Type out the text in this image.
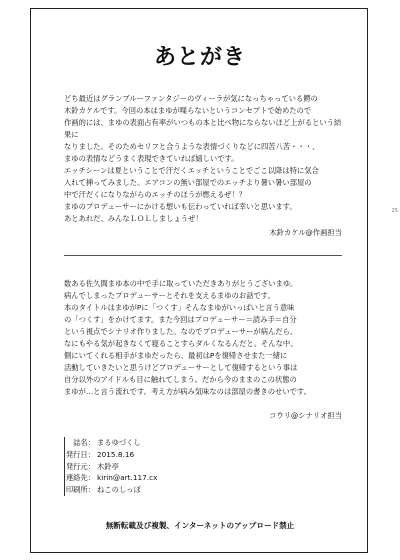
あとがき
どち最近はグランブルーファンタジーのヴィーラが気になっちゃっている鰐の
木鈴カケルです。今回の本はまゆが喋らないというコンセプトで始めたので
作画的には、まゆの表面占有率がいつもの本と比べ物にならないほど上がるという結果に
なりました。そのためセリフと合うような表情づくりなどに四苦八苦・・・、
まゆの表情などうまく表現できていれば嬉しいです。
エッチシーンは夏ということで汗だくエッチということでごこ以降は特に気合
入れて挿ってみました。エアコンの無い部屋でのエッチより暑い暑い部屋の
中で汗だくになりながらのエッチのほうが燃えるぜ！？
まゆのプロデューサーにかける想いも伝わっていれば幸いと思います。
あとあれだ、みんなＬＯＬしましょうぜ！
木鈴カケル@作画担当
数ある佐久間まゆ本の中で手に取っていただきありがとうございまゆ。
病んでしまったプロデューサーとそれを支えるまゆのお話です。
本のタイトルはまゆがPに「つくす」そんなまゆがいっぱいと言う意味
の「つくす」をかけてます。また今回はプロデューサー＝読み手＝自分
という視点でシナリオ作りました。なのでプロデューサーが病んだら、
なにもやる気が起きなくて寝ることすらダルくなるんだと。そんな中、
側にいてくれる相手がまゆだったら、最初はPを復帰させまた一緒に
活動していきたいと思うけどプロデューサーとして復帰するという事は
自分以外のアイドルも目に触れてしまう。だから今のままのこの状態の
まゆが…と言う流れです。考え方が病み気味なのは部屋の書きのせいです。
コウリ@シナリオ担当
誌名： まるゆづくし
発行日： 2015.8.16
発行元： 木鈴亭
連絡先： kirin@art.117.cx
印刷所： ねこのしっぽ
無断転載及び複製、インターネットのアップロード禁止
25
